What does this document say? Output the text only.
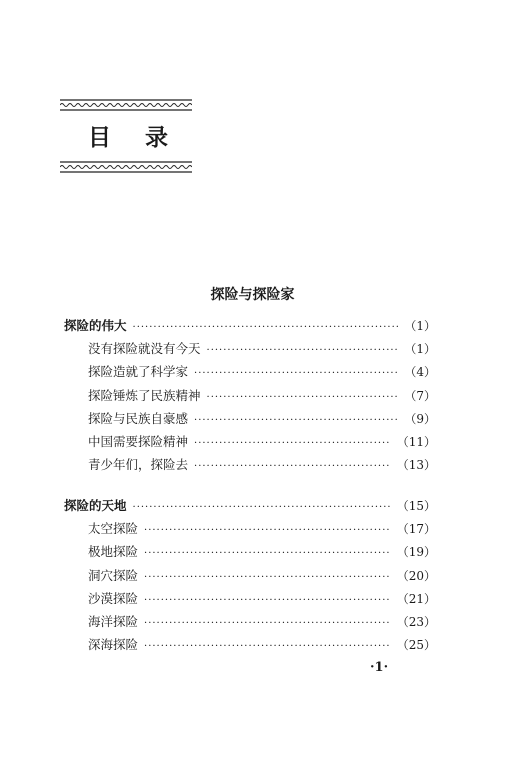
目 录
探险与探险家
探险的伟大 ·····	（1）
没有探险就没有今天 ·····	（1）
探险造就了科学家 ·····	（4）
探险锤炼了民族精神 ·····	（7）
探险与民族自豪感 ·····	（9）
中国需要探险精神 ·····	（11）
青少年们，探险去 ·····	（13）
探险的天地 ·····	（15）
太空探险 ·····	（17）
极地探险 ·····	（19）
洞穴探险 ·····	（20）
沙漠探险 ·····	（21）
海洋探险 ·····	（23）
深海探险 ·····	（25）
·1·
